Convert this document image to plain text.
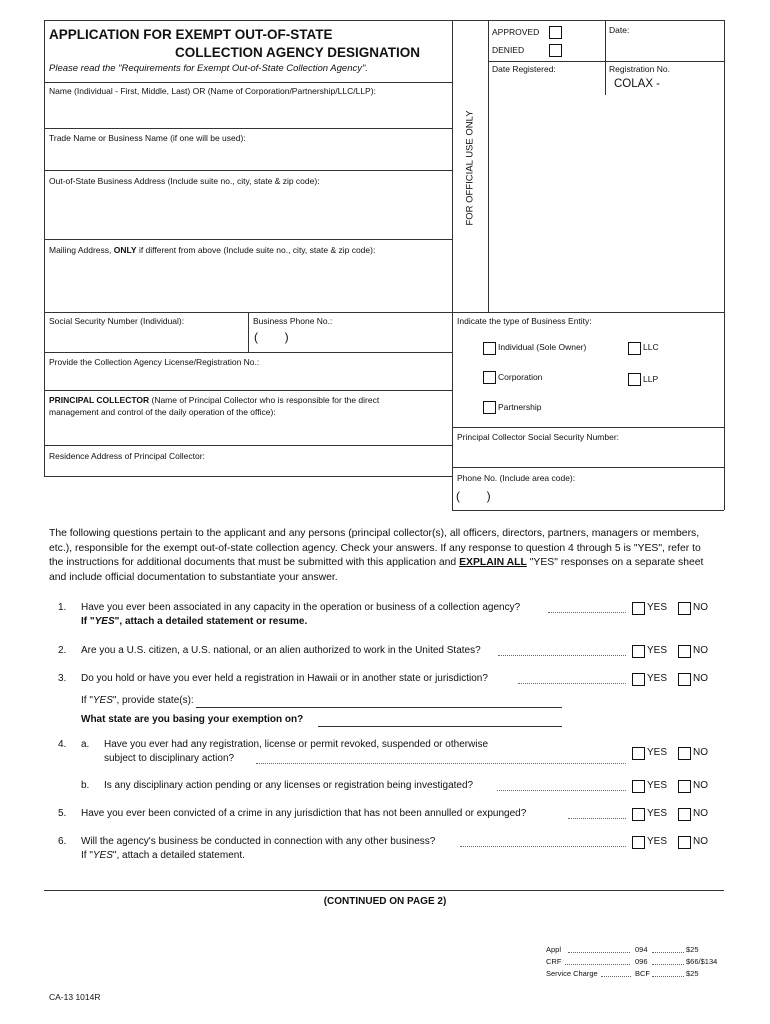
APPLICATION FOR EXEMPT OUT-OF-STATE
COLLECTION AGENCY DESIGNATION
Please read the "Requirements for Exempt Out-of-State Collection Agency".
APPROVED
DENIED
Date:
Date Registered:	Registration No.
COLAX -
FOR OFFICIAL USE ONLY
Name (Individual - First, Middle, Last) OR (Name of Corporation/Partnership/LLC/LLP):
Trade Name or Business Name (if one will be used):
Out-of-State Business Address (Include suite no., city, state & zip code):
Mailing Address, ONLY if different from above (Include suite no., city, state & zip code):
Social Security Number (Individual):	Business Phone No.:
(        )
Provide the Collection Agency License/Registration No.:
PRINCIPAL COLLECTOR (Name of Principal Collector who is responsible for the direct
management and control of the daily operation of the office):
Residence Address of Principal Collector:
Indicate the type of Business Entity:
Individual (Sole Owner)	LLC
Corporation	LLP
Partnership
Principal Collector Social Security Number:
Phone No. (Include area code):
(        )
The following questions pertain to the applicant and any persons (principal collector(s), all officers, directors, partners, managers or members,
etc.), responsible for the exempt out-of-state collection agency. Check your answers. If any response to question 4 through 5 is "YES", refer to
the instructions for additional documents that must be submitted with this application and EXPLAIN ALL "YES" responses on a separate sheet
and include official documentation to substantiate your answer.
1. Have you ever been associated in any capacity in the operation or business of a collection agency?
If "YES", attach a detailed statement or resume.
YES	NO
2. Are you a U.S. citizen, a U.S. national, or an alien authorized to work in the United States?	YES	NO
3. Do you hold or have you ever held a registration in Hawaii or in another state or jurisdiction?	YES	NO
If "YES", provide state(s):
What state are you basing your exemption on?
4. a. Have you ever had any registration, license or permit revoked, suspended or otherwise
subject to disciplinary action?
YES	NO
b. Is any disciplinary action pending or any licenses or registration being investigated?	YES	NO
5. Have you ever been convicted of a crime in any jurisdiction that has not been annulled or expunged?	YES	NO
6. Will the agency's business be conducted in connection with any other business?
If "YES", attach a detailed statement.
YES	NO
(CONTINUED ON PAGE 2)
Appl	094	$25
CRF	096	$66/$134
Service Charge	BCF	$25
CA-13 1014R
